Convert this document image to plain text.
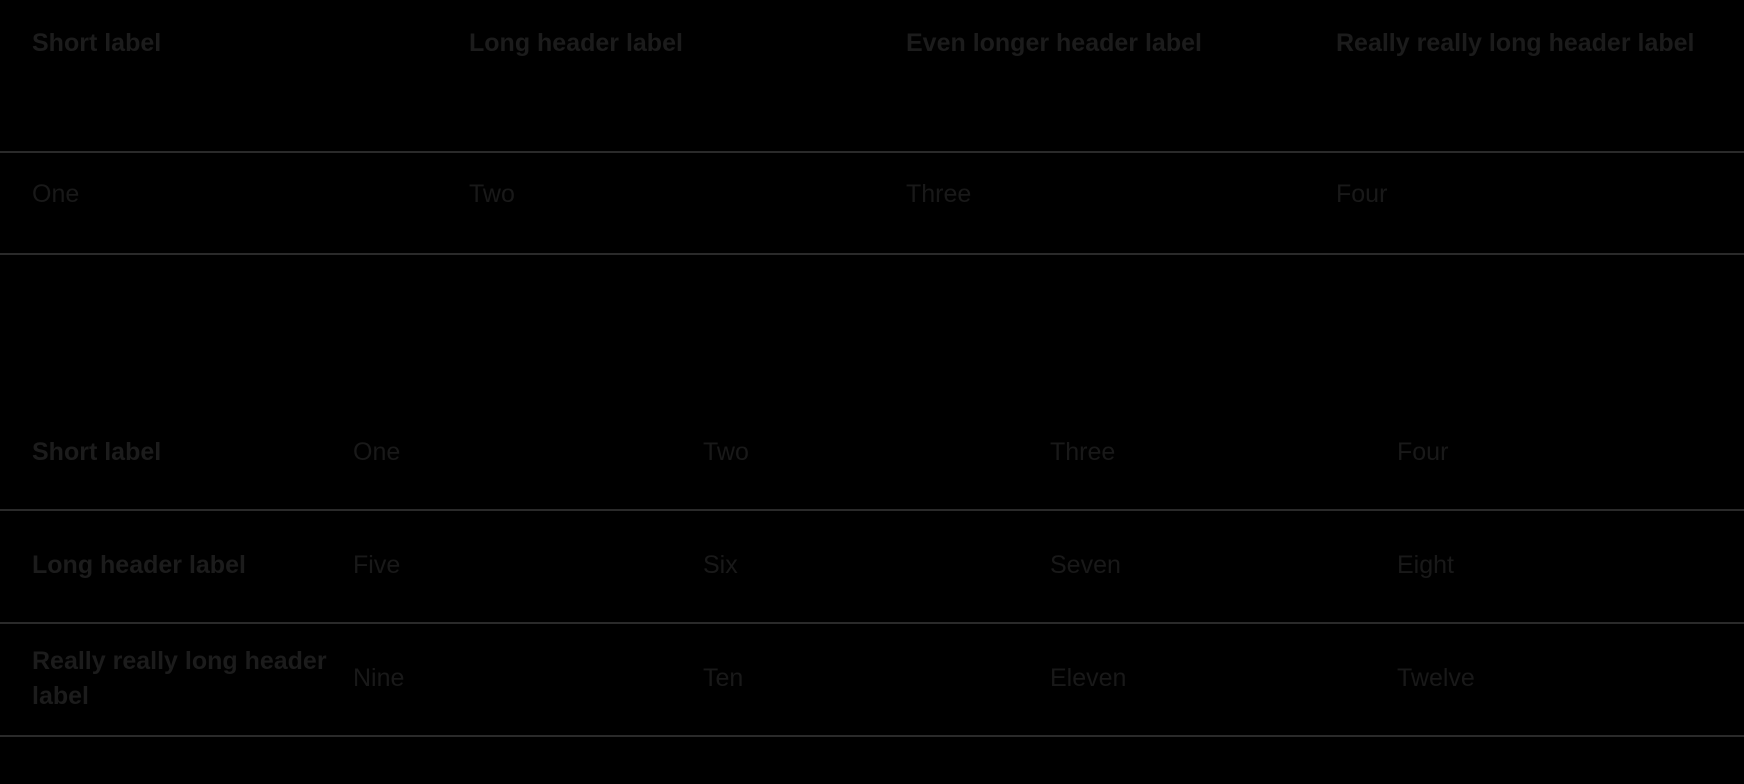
Short label	Long header label	Even longer header label	Really really long header label
One	Two	Three	Four
Short label	One	Two	Three	Four
Long header label	Five	Six	Seven	Eight
Really really long header label	Nine	Ten	Eleven	Twelve
